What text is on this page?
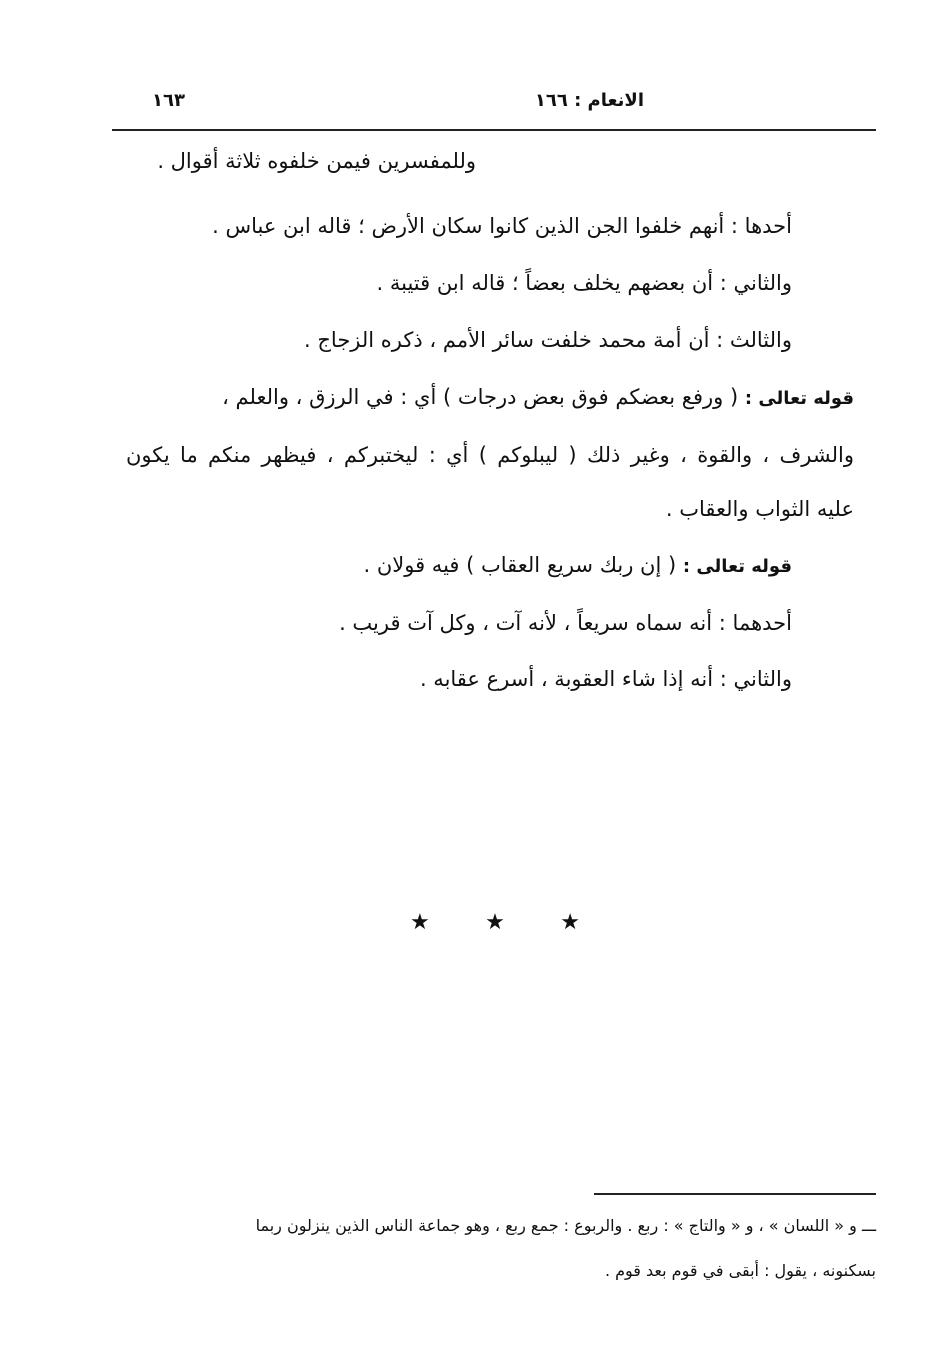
الانعام : ١٦٦
١٦٣
وللمفسرين فيمن خلفوه ثلاثة أقوال .
أحدها : أنهم خلفوا الجن الذين كانوا سكان الأرض ؛ قاله ابن عباس .
والثاني : أن بعضهم يخلف بعضاً ؛ قاله ابن قتيبة .
والثالث : أن أمة محمد خلفت سائر الأمم ، ذكره الزجاج .
قوله تعالى : ( ورفع بعضكم فوق بعض درجات ) أي : في الرزق ، والعلم ،
والشرف ، والقوة ، وغير ذلك ( ليبلوكم ) أي : ليختبركم ، فيظهر منكم ما يكون
عليه الثواب والعقاب .
قوله تعالى : ( إن ربك سريع العقاب ) فيه قولان .
أحدهما : أنه سماه سريعاً ، لأنه آت ، وكل آت قريب .
والثاني : أنه إذا شاء العقوبة ، أسرع عقابه .
★	★	★
ـــ و « اللسان » ، و « والتاج » : ربع . والربوع : جمع ربع ، وهو جماعة الناس الذين ينزلون ربما
بسكنونه ، يقول : أبقى في قوم بعد قوم .
